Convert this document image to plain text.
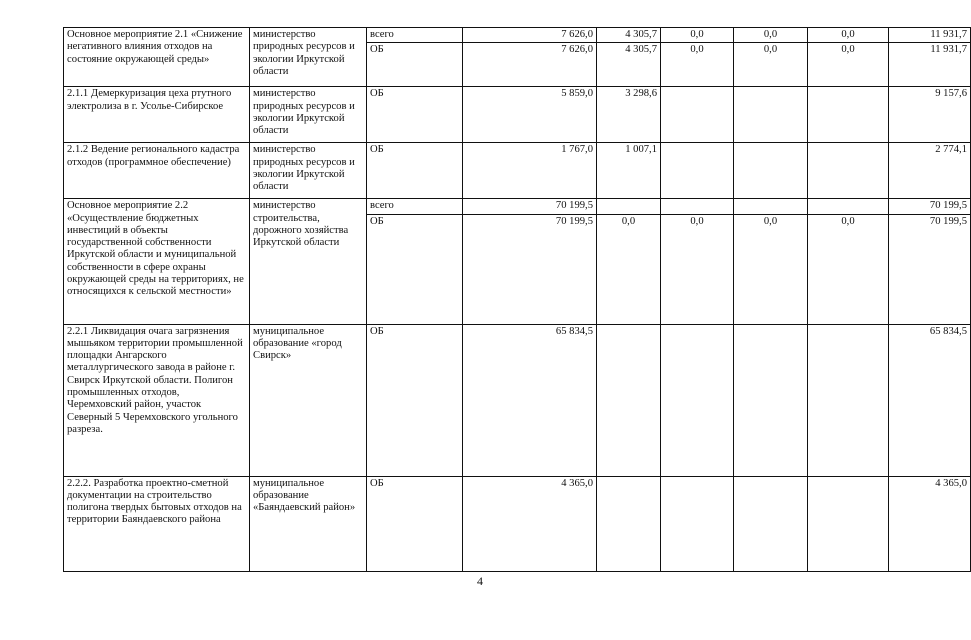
Основное мероприятие 2.1 «Снижение негативного влияния отходов на состояние окружающей среды»	министерство природных ресурсов и экологии Иркутской области	всего	7 626,0	4 305,7	0,0	0,0	0,0	11 931,7
		ОБ	7 626,0	4 305,7	0,0	0,0	0,0	11 931,7
2.1.1 Демеркуризация цеха ртутного электролиза в г. Усолье-Сибирское	министерство природных ресурсов и экологии Иркутской области	ОБ	5 859,0	3 298,6				9 157,6
2.1.2 Ведение регионального кадастра отходов (программное обеспечение)	министерство природных ресурсов и экологии Иркутской области	ОБ	1 767,0	1 007,1				2 774,1
Основное мероприятие 2.2 «Осуществление бюджетных инвестиций в объекты государственной собственности Иркутской области и муниципальной собственности в сфере охраны окружающей среды на территориях, не относящихся к сельской местности»	министерство строительства, дорожного хозяйства Иркутской области	всего	70 199,5					70 199,5
		ОБ	70 199,5	0,0	0,0	0,0	0,0	70 199,5
2.2.1 Ликвидация очага загрязнения мышьяком территории промышленной площадки Ангарского металлургического завода в районе г. Свирск Иркутской области. Полигон промышленных отходов, Черемховский район, участок Северный 5 Черемховского угольного разреза.	муниципальное образование «город Свирск»	ОБ	65 834,5					65 834,5
2.2.2. Разработка проектно-сметной документации на строительство полигона твердых бытовых отходов на территории Баяндаевского района	муниципальное образование «Баяндаевский район»	ОБ	4 365,0					4 365,0
4
